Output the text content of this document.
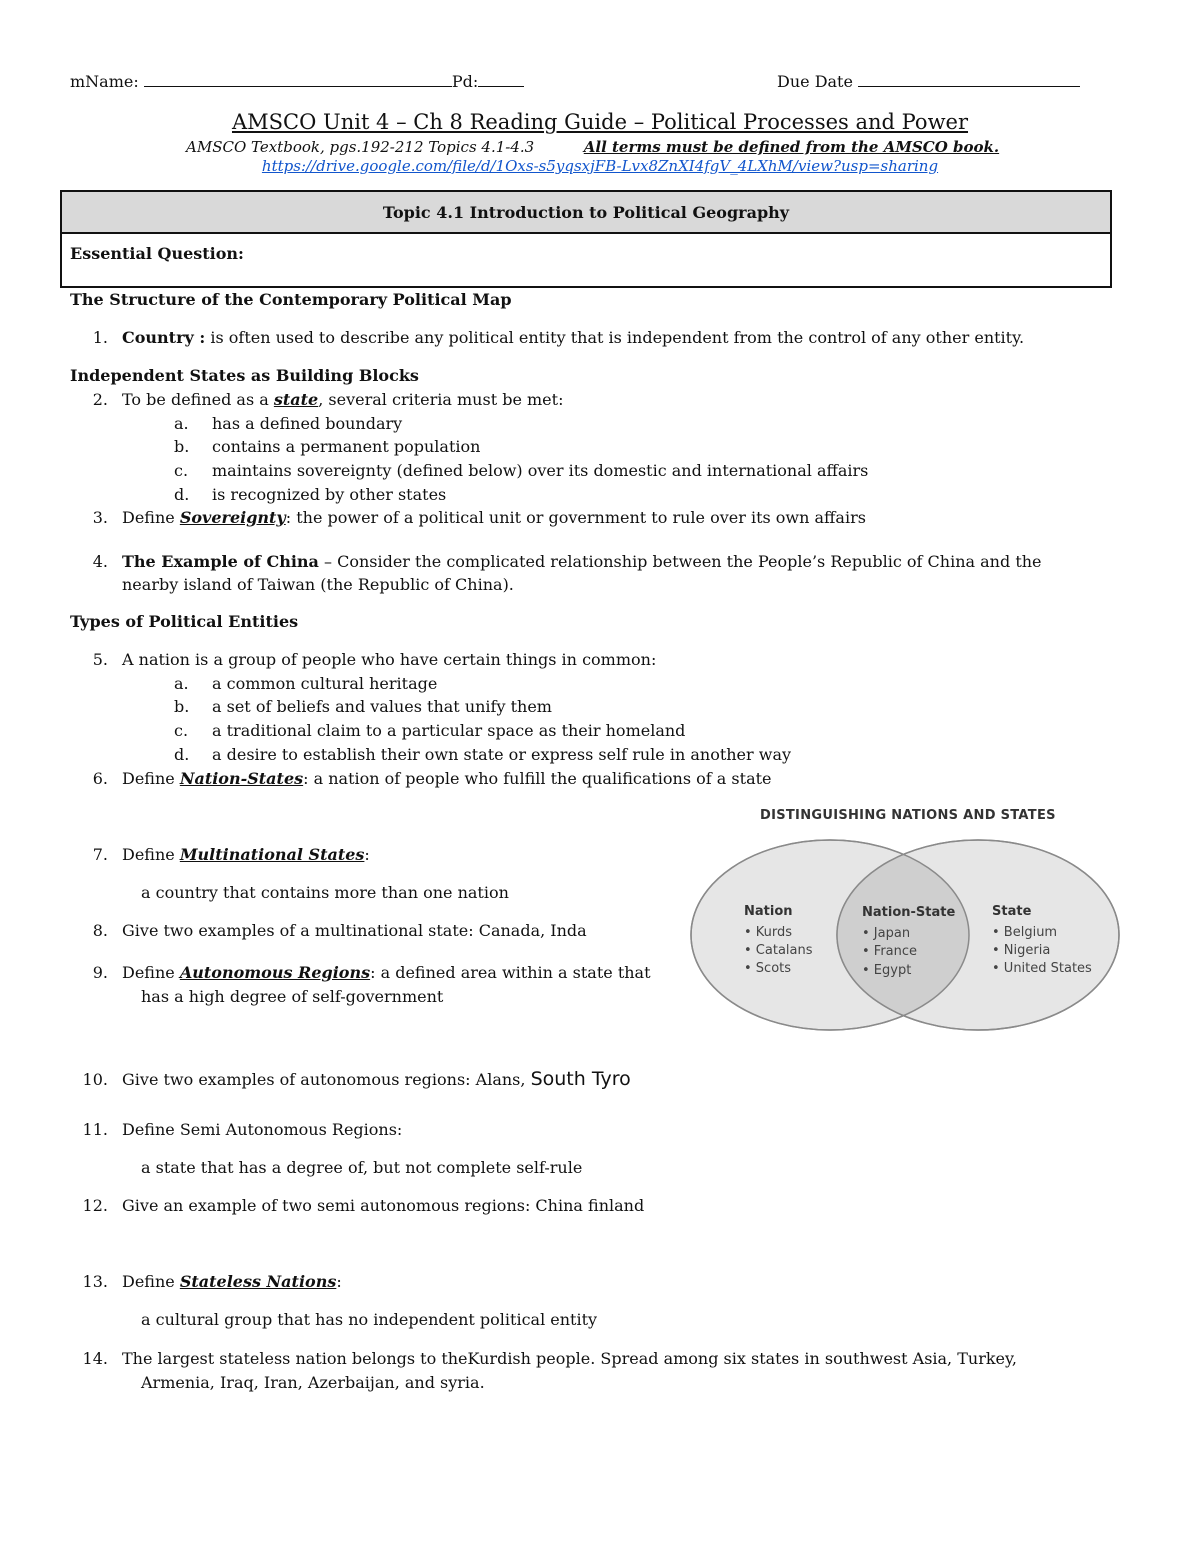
mName:	Pd:	Due Date
AMSCO Unit 4 – Ch 8 Reading Guide – Political Processes and Power
AMSCO Textbook, pgs.192-212 Topics 4.1-4.3	All terms must be defined from the AMSCO book.
https://drive.google.com/file/d/1Oxs-s5yqsxjFB-Lvx8ZnXI4fgV_4LXhM/view?usp=sharing
Topic 4.1 Introduction to Political Geography
Essential Question:
The Structure of the Contemporary Political Map
1. Country : is often used to describe any political entity that is independent from the control of any other entity.
Independent States as Building Blocks
2. To be defined as a state, several criteria must be met:
a. has a defined boundary
b. contains a permanent population
c. maintains sovereignty (defined below) over its domestic and international affairs
d. is recognized by other states
3. Define Sovereignty: the power of a political unit or government to rule over its own affairs
4. The Example of China – Consider the complicated relationship between the People’s Republic of China and the
nearby island of Taiwan (the Republic of China).
Types of Political Entities
5. A nation is a group of people who have certain things in common:
a. a common cultural heritage
b. a set of beliefs and values that unify them
c. a traditional claim to a particular space as their homeland
d. a desire to establish their own state or express self rule in another way
6. Define Nation-States: a nation of people who fulfill the qualifications of a state
7. Define Multinational States:
a country that contains more than one nation
8. Give two examples of a multinational state: Canada, Inda
9. Define Autonomous Regions: a defined area within a state that
has a high degree of self-government
10. Give two examples of autonomous regions: Alans, South Tyro
11. Define Semi Autonomous Regions:
a state that has a degree of, but not complete self-rule
12. Give an example of two semi autonomous regions: China finland
13. Define Stateless Nations:
a cultural group that has no independent political entity
14. The largest stateless nation belongs to theKurdish people. Spread among six states in southwest Asia, Turkey,
Armenia, Iraq, Iran, Azerbaijan, and syria.
DISTINGUISHING NATIONS AND STATES
Nation
• Kurds
• Catalans
• Scots
Nation-State
• Japan
• France
• Egypt
State
• Belgium
• Nigeria
• United States
